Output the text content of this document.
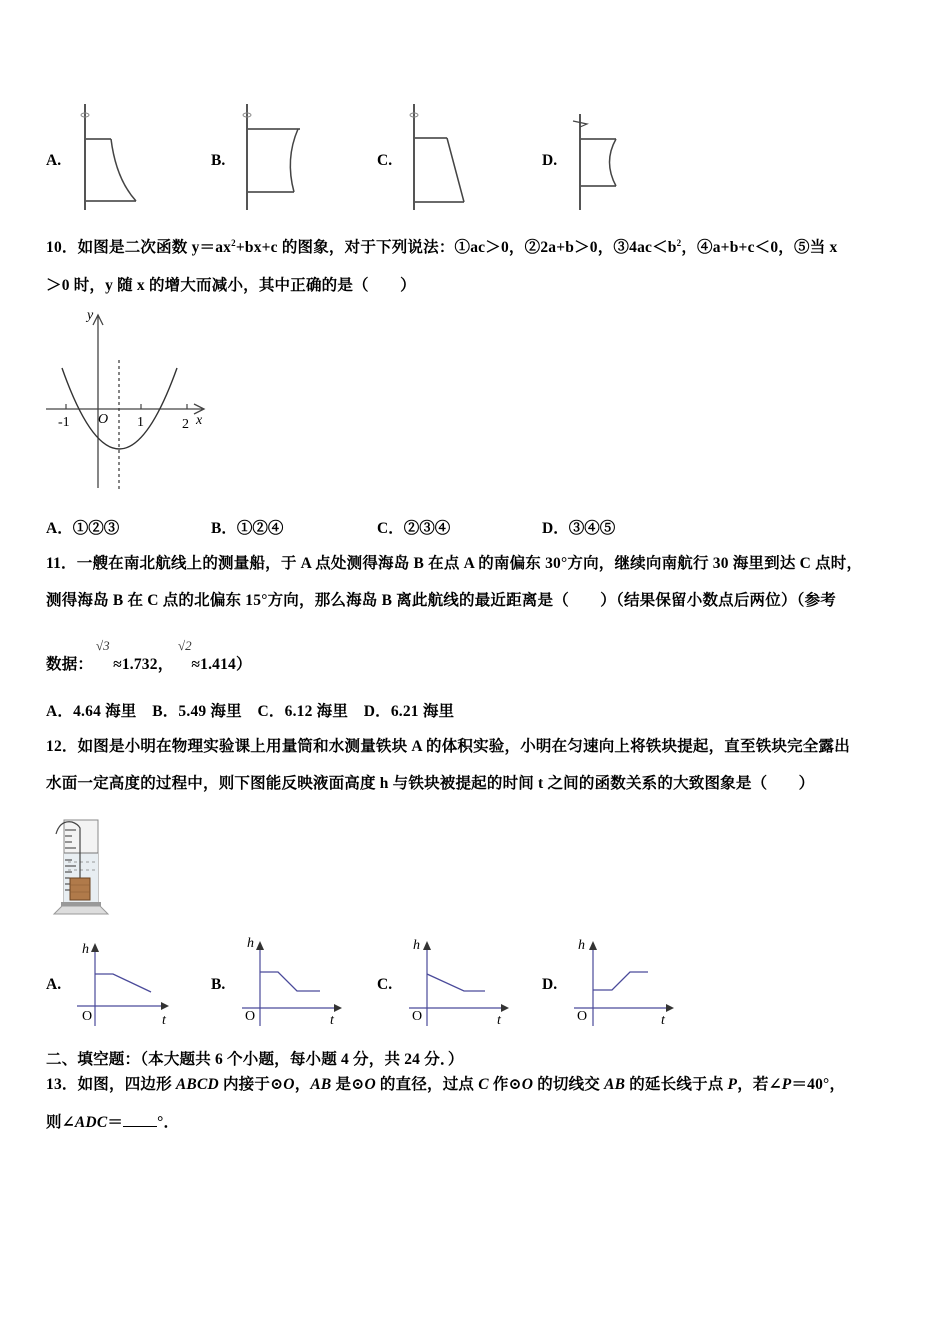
A.	B.	C.	D.
10．如图是二次函数 $y=ax^2+bx+c$ 的图象，对于下列说法：①ac＞0，②2a+b＞0，$③4ac<b^2$，④a+b+c＜0，⑤当 x
＞0 时，y 随 x 的增大而减小，其中正确的是（　　）
y
x
O
-1	1	2
A．①②③	B．①②④	C．②③④	D．③④⑤
11．一艘在南北航线上的测量船，于 A 点处测得海岛 B 在点 A 的南偏东 30°方向，继续向南航行 30 海里到达 C 点时，
测得海岛 B 在 C 点的北偏东 15°方向，那么海岛 B 离此航线的最近距离是（　　）（结果保留小数点后两位）（参考
数据： ≈1.732， ≈1.414）
√3	√2
A．4.64 海里　B．5.49 海里　C．6.12 海里　D．6.21 海里
12．如图是小明在物理实验课上用量筒和水测量铁块 A 的体积实验，小明在匀速向上将铁块提起，直至铁块完全露出
水面一定高度的过程中，则下图能反映液面高度 h 与铁块被提起的时间 t 之间的函数关系的大致图象是（　　）
A.
h
t
O
B.
h
t
O
C.
h
t
O
D.
h
t
O
二、填空题：（本大题共 6 个小题，每小题 4 分，共 24 分．）
13．如图，四边形 ABCD 内接于⊙O，AB 是⊙O 的直径，过点 C 作⊙O 的切线交 AB 的延长线于点 P，若∠P＝40°，
则∠ADC＝ °．
